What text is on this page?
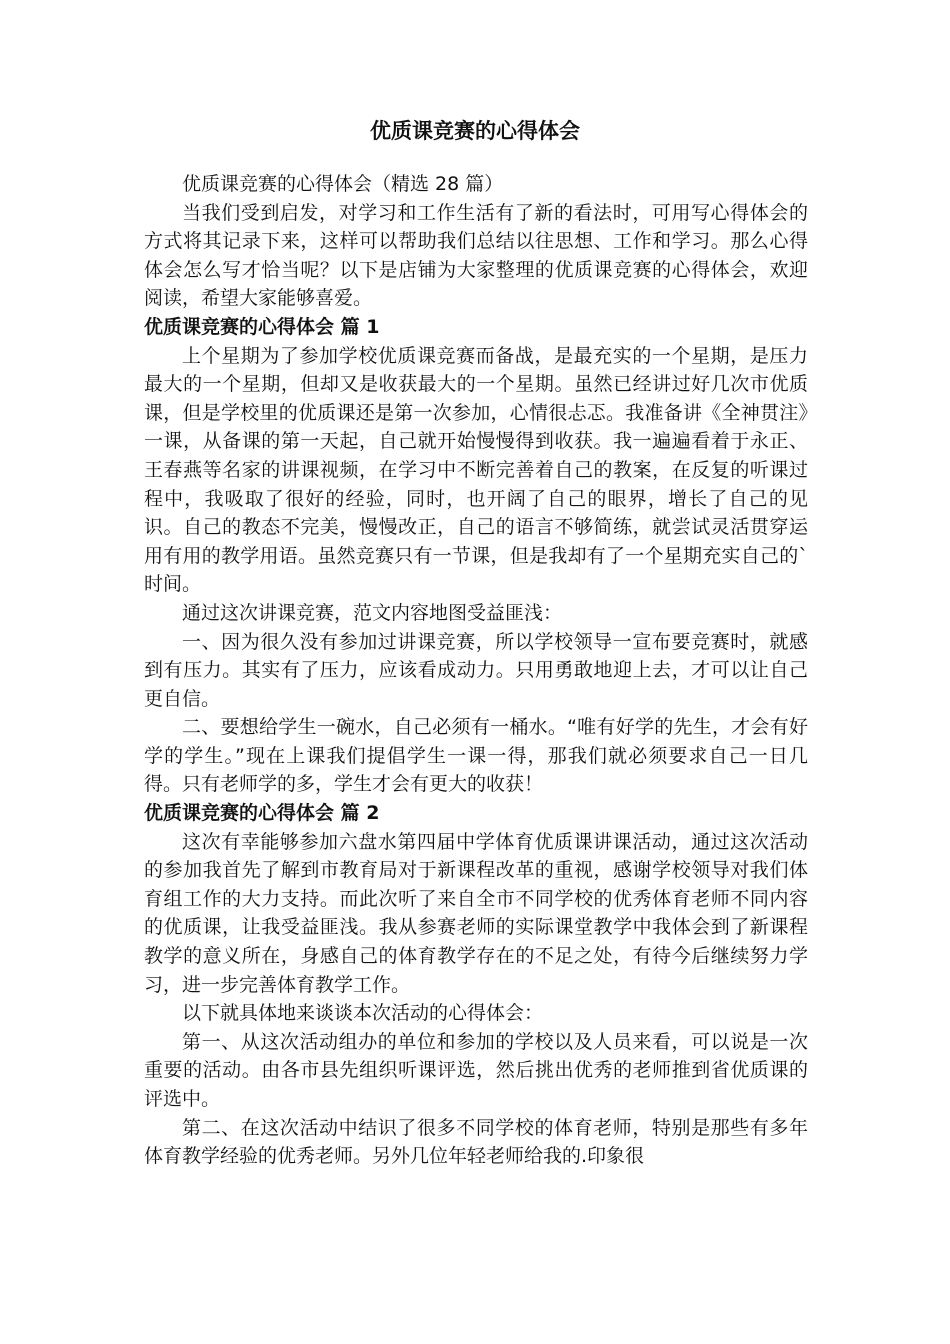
优质课竞赛的心得体会

优质课竞赛的心得体会（精选 28 篇）

当我们受到启发，对学习和工作生活有了新的看法时，可用写心得体会的方式将其记录下来，这样可以帮助我们总结以往思想、工作和学习。那么心得体会怎么写才恰当呢？以下是店铺为大家整理的优质课竞赛的心得体会，欢迎阅读，希望大家能够喜爱。

优质课竞赛的心得体会 篇 1

上个星期为了参加学校优质课竞赛而备战，是最充实的一个星期，是压力最大的一个星期，但却又是收获最大的一个星期。虽然已经讲过好几次市优质课，但是学校里的优质课还是第一次参加，心情很忐忑。我准备讲《全神贯注》一课，从备课的第一天起，自己就开始慢慢得到收获。我一遍遍看着于永正、王春燕等名家的讲课视频，在学习中不断完善着自己的教案，在反复的听课过程中，我吸取了很好的经验，同时，也开阔了自己的眼界，增长了自己的见识。自己的教态不完美，慢慢改正，自己的语言不够简练，就尝试灵活贯穿运用有用的教学用语。虽然竞赛只有一节课，但是我却有了一个星期充实自己的`时间。

通过这次讲课竞赛，范文内容地图受益匪浅：

一、因为很久没有参加过讲课竞赛，所以学校领导一宣布要竞赛时，就感到有压力。其实有了压力，应该看成动力。只用勇敢地迎上去，才可以让自己更自信。

二、要想给学生一碗水，自己必须有一桶水。“唯有好学的先生，才会有好学的学生。”现在上课我们提倡学生一课一得，那我们就必须要求自己一日几得。只有老师学的多，学生才会有更大的收获！

优质课竞赛的心得体会 篇 2

这次有幸能够参加六盘水第四届中学体育优质课讲课活动，通过这次活动的参加我首先了解到市教育局对于新课程改革的重视，感谢学校领导对我们体育组工作的大力支持。而此次听了来自全市不同学校的优秀体育老师不同内容的优质课，让我受益匪浅。我从参赛老师的实际课堂教学中我体会到了新课程教学的意义所在，身感自己的体育教学存在的不足之处，有待今后继续努力学习，进一步完善体育教学工作。

以下就具体地来谈谈本次活动的心得体会：

第一、从这次活动组办的单位和参加的学校以及人员来看，可以说是一次重要的活动。由各市县先组织听课评选，然后挑出优秀的老师推到省优质课的评选中。

第二、在这次活动中结识了很多不同学校的体育老师，特别是那些有多年体育教学经验的优秀老师。另外几位年轻老师给我的.印象很
